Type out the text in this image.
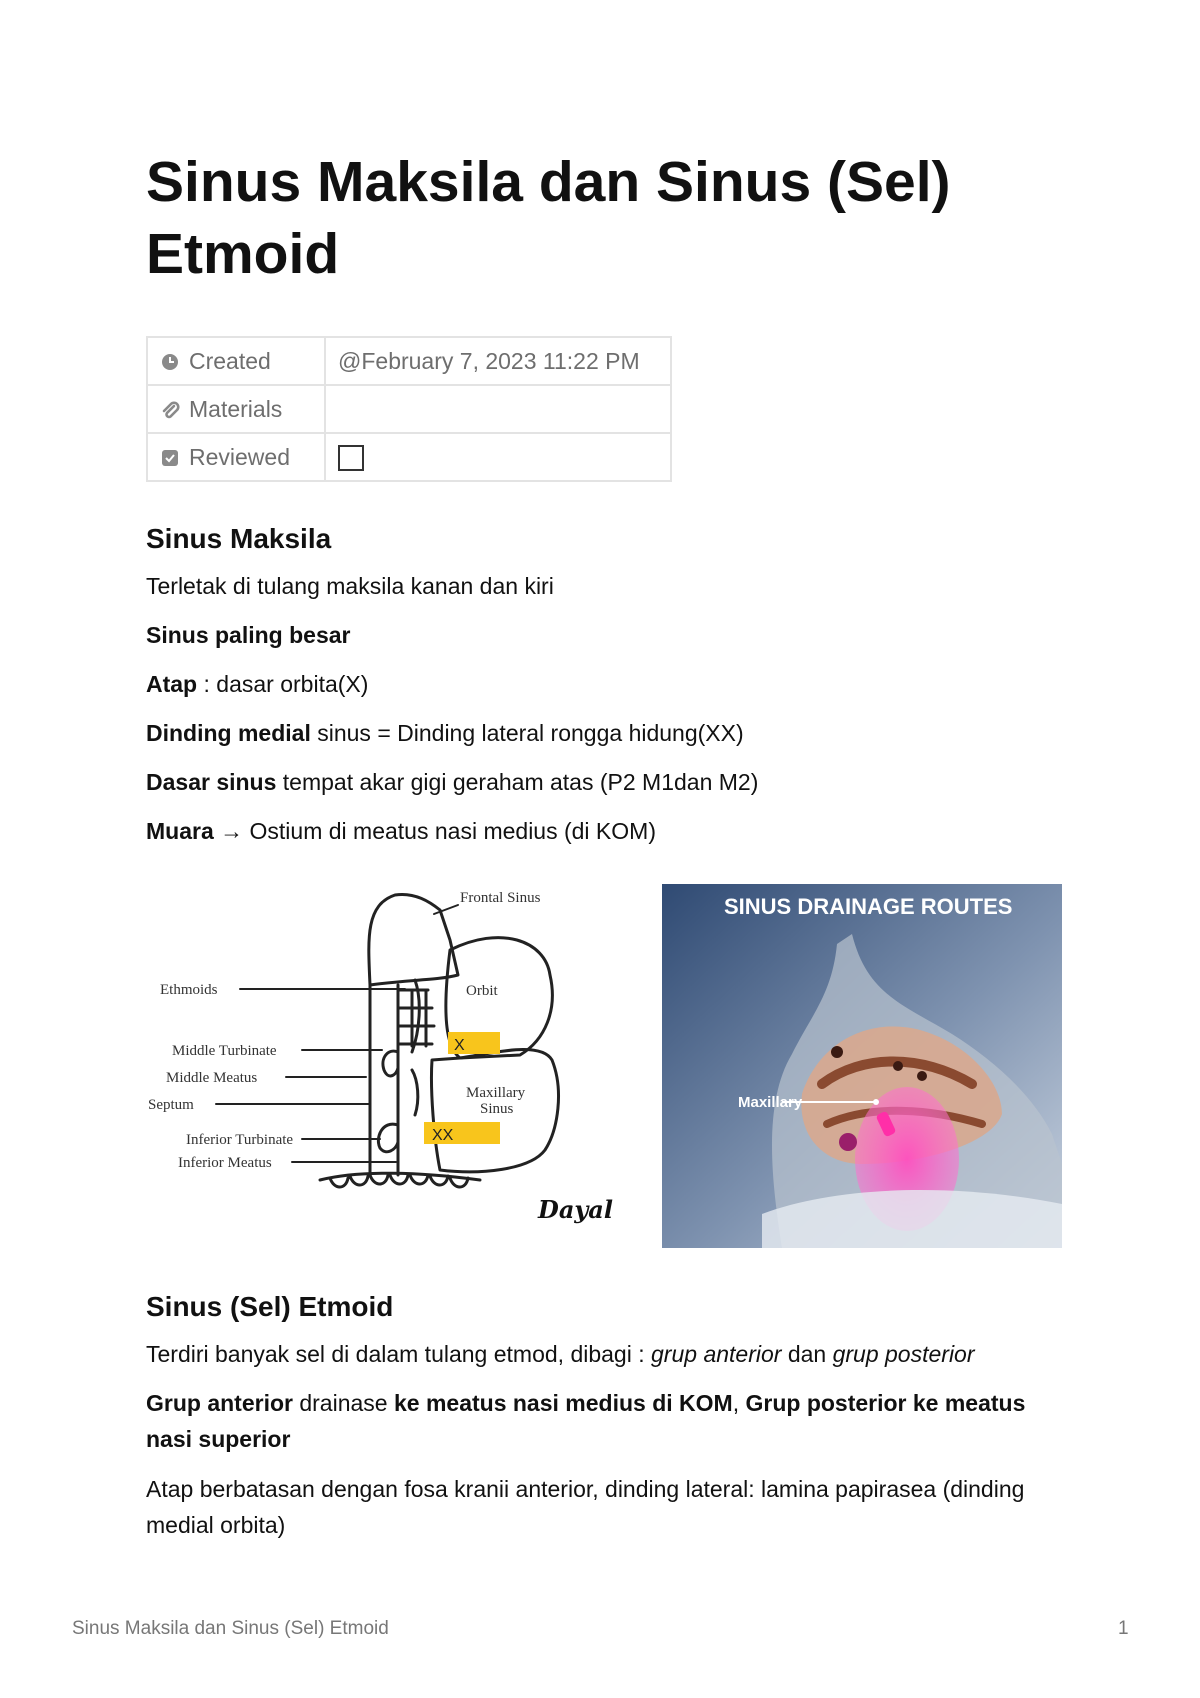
Sinus Maksila dan Sinus (Sel) Etmoid
Created	@February 7, 2023 11:22 PM
Materials	
Reviewed	
Sinus Maksila

Terletak di tulang maksila kanan dan kiri

Sinus paling besar

Atap : dasar orbita(X)

Dinding medial sinus = Dinding lateral rongga hidung(XX)

Dasar sinus tempat akar gigi geraham atas (P2 M1dan M2)

Muara → Ostium di meatus nasi medius (di KOM)

X
XX
Frontal Sinus
Ethmoids	Orbit
Middle Turbinate
Middle Meatus
Maxillary
Sinus
Septum
Inferior Turbinate
Inferior Meatus
Dayal
Maxillary
SINUS DRAINAGE ROUTES
Sinus (Sel) Etmoid

Terdiri banyak sel di dalam tulang etmod, dibagi : grup anterior dan grup posterior

Grup anterior drainase ke meatus nasi medius di KOM, Grup posterior ke meatus nasi superior

Atap berbatasan dengan fosa kranii anterior, dinding lateral: lamina papirasea (dinding medial orbita)

Sinus Maksila dan Sinus (Sel) Etmoid	1
